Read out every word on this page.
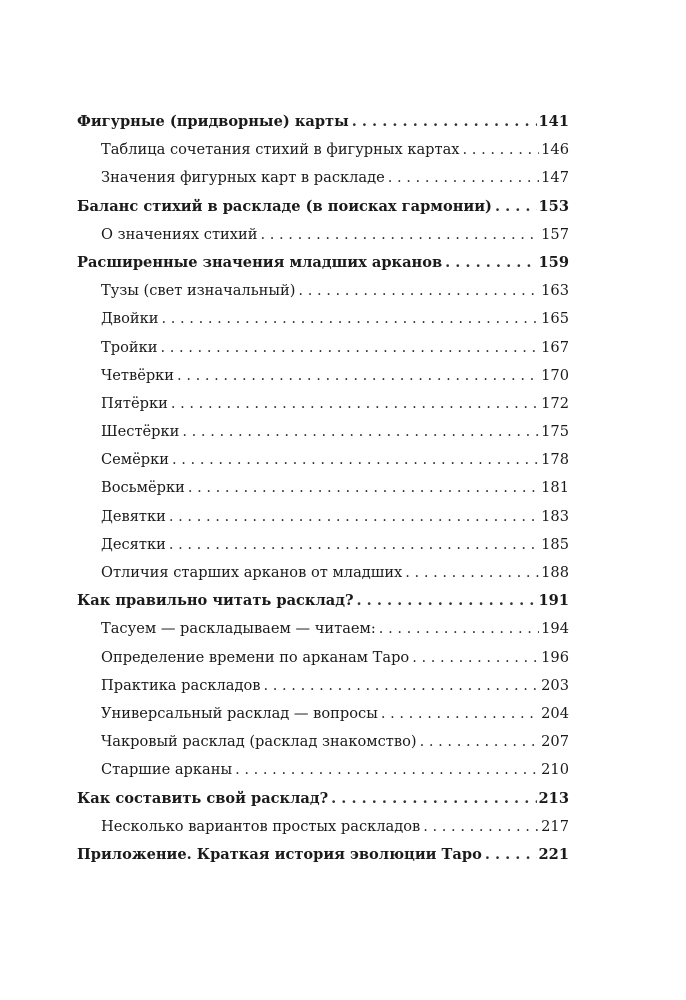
Фигурные (придворные) карты . . .	141
Таблица сочетания стихий в фигурных картах . . .	146
Значения фигурных карт в раскладе . . .	147
Баланс стихий в раскладе (в поисках гармонии) . . .	153
О значениях стихий . . .	157
Расширенные значения младших арканов . . .	159
Тузы (свет изначальный) . . .	163
Двойки . . .	165
Тройки . . .	167
Четвёрки . . .	170
Пятёрки . . .	172
Шестёрки . . .	175
Семёрки . . .	178
Восьмёрки . . .	181
Девятки . . .	183
Десятки . . .	185
Отличия старших арканов от младших . . .	188
Как правильно читать расклад? . . .	191
Тасуем — раскладываем — читаем: . . .	194
Определение времени по арканам Таро . . .	196
Практика раскладов . . .	203
Универсальный расклад — вопросы . . .	204
Чакровый расклад (расклад знакомство) . . .	207
Старшие арканы . . .	210
Как составить свой расклад? . . .	213
Несколько вариантов простых раскладов . . .	217
Приложение. Краткая история эволюции Таро . . .	221
